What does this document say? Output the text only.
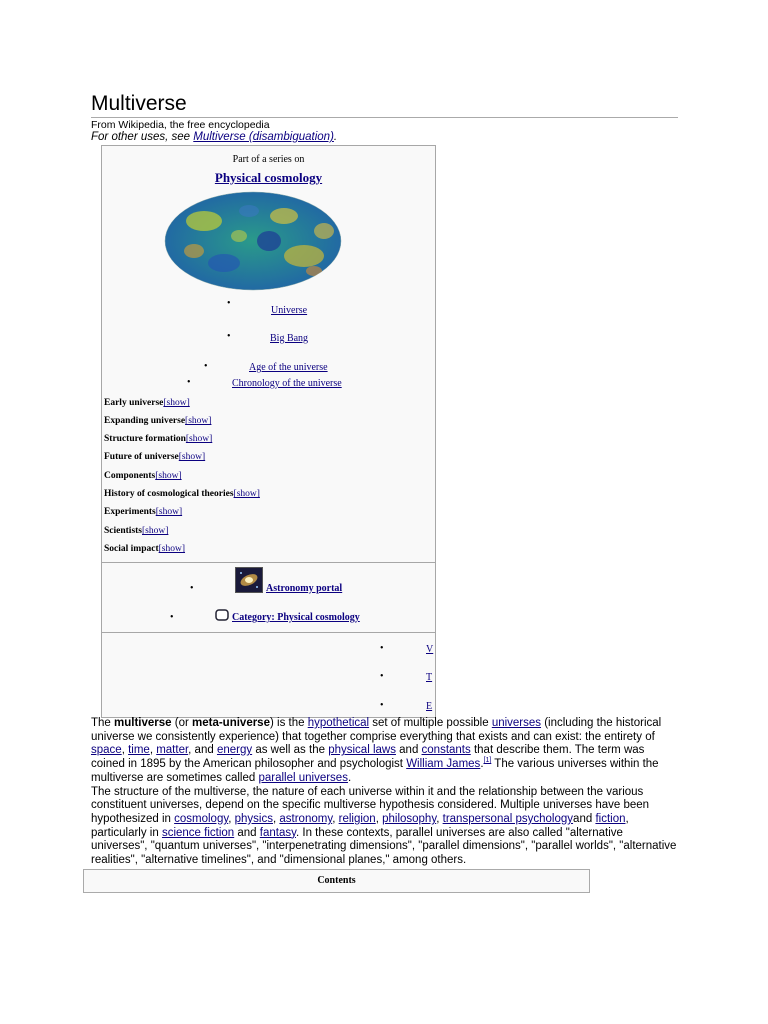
Multiverse
From Wikipedia, the free encyclopedia
For other uses, see Multiverse (disambiguation).
Part of a series on
Physical cosmology
•
Universe
•	Big Bang
•	Age of the universe
•	Chronology of the universe
Early universe[show]
Expanding universe[show]
Structure formation[show]
Future of universe[show]
Components[show]
History of cosmological theories[show]
Experiments[show]
Scientists[show]
Social impact[show]
•	Astronomy portal
•	Category: Physical cosmology
•	V
•	T
•	E

The multiverse (or meta-universe) is the hypothetical set of multiple possible universes (including the historical universe we consistently experience) that together comprise everything that exists and can exist: the entirety of space, time, matter, and energy as well as the physical laws and constants that describe them. The term was coined in 1895 by the American philosopher and psychologist William James.[1] The various universes within the multiverse are sometimes called parallel universes.

The structure of the multiverse, the nature of each universe within it and the relationship between the various constituent universes, depend on the specific multiverse hypothesis considered. Multiple universes have been hypothesized in cosmology, physics, astronomy, religion, philosophy, transpersonal psychologyand fiction, particularly in science fiction and fantasy. In these contexts, parallel universes are also called "alternative universes", "quantum universes", "interpenetrating dimensions", "parallel dimensions", "parallel worlds", "alternative realities", "alternative timelines", and "dimensional planes," among others.

Contents
